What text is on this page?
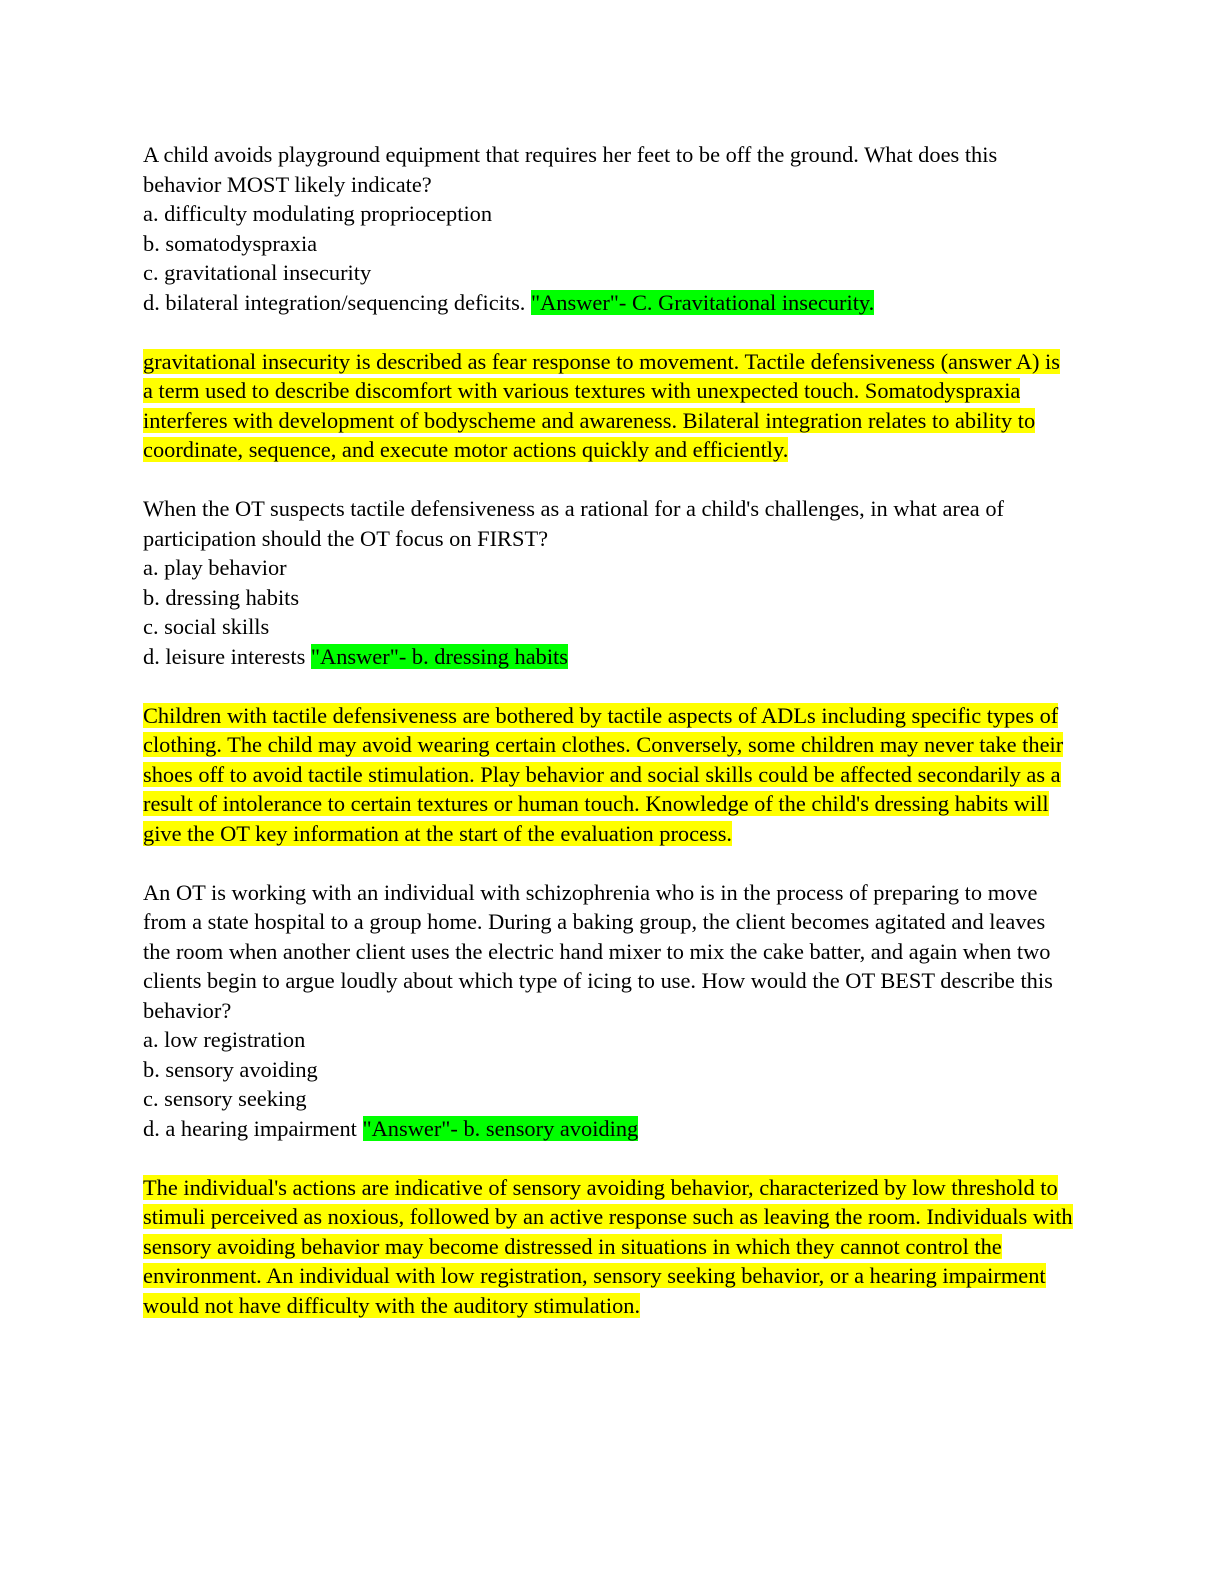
A child avoids playground equipment that requires her feet to be off the ground. What does this behavior MOST likely indicate?

a. difficulty modulating proprioception

b. somatodyspraxia

c. gravitational insecurity

d. bilateral integration/sequencing deficits. "Answer"- C. Gravitational insecurity.

gravitational insecurity is described as fear response to movement. Tactile defensiveness (answer A) is a term used to describe discomfort with various textures with unexpected touch. Somatodyspraxia interferes with development of bodyscheme and awareness. Bilateral integration relates to ability to coordinate, sequence, and execute motor actions quickly and efficiently.

When the OT suspects tactile defensiveness as a rational for a child's challenges, in what area of participation should the OT focus on FIRST?

a. play behavior

b. dressing habits

c. social skills

d. leisure interests "Answer"- b. dressing habits

Children with tactile defensiveness are bothered by tactile aspects of ADLs including specific types of clothing. The child may avoid wearing certain clothes. Conversely, some children may never take their shoes off to avoid tactile stimulation. Play behavior and social skills could be affected secondarily as a result of intolerance to certain textures or human touch. Knowledge of the child's dressing habits will give the OT key information at the start of the evaluation process.

An OT is working with an individual with schizophrenia who is in the process of preparing to move from a state hospital to a group home. During a baking group, the client becomes agitated and leaves the room when another client uses the electric hand mixer to mix the cake batter, and again when two clients begin to argue loudly about which type of icing to use. How would the OT BEST describe this behavior?

a. low registration

b. sensory avoiding

c. sensory seeking

d. a hearing impairment "Answer"- b. sensory avoiding

The individual's actions are indicative of sensory avoiding behavior, characterized by low threshold to stimuli perceived as noxious, followed by an active response such as leaving the room. Individuals with sensory avoiding behavior may become distressed in situations in which they cannot control the environment. An individual with low registration, sensory seeking behavior, or a hearing impairment would not have difficulty with the auditory stimulation.
